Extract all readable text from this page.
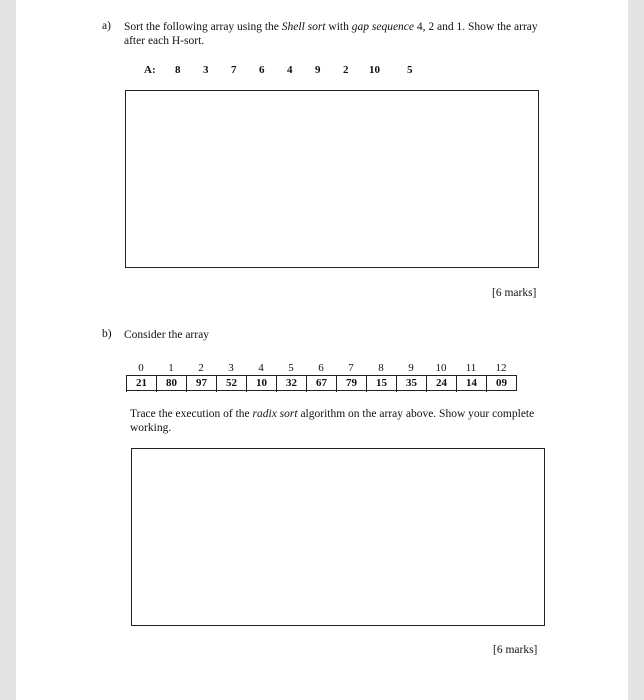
a) Sort the following array using the Shell sort with gap sequence 4, 2 and 1. Show the array after each H-sort.
A: 8 3 7 6 4 9 2 10 5
[6 marks]
b) Consider the array
0	1	2	3	4	5	6	7	8	9	10	11	12
21	80	97	52	10	32	67	79	15	35	24	14	09
Trace the execution of the radix sort algorithm on the array above. Show your complete working.
[6 marks]
